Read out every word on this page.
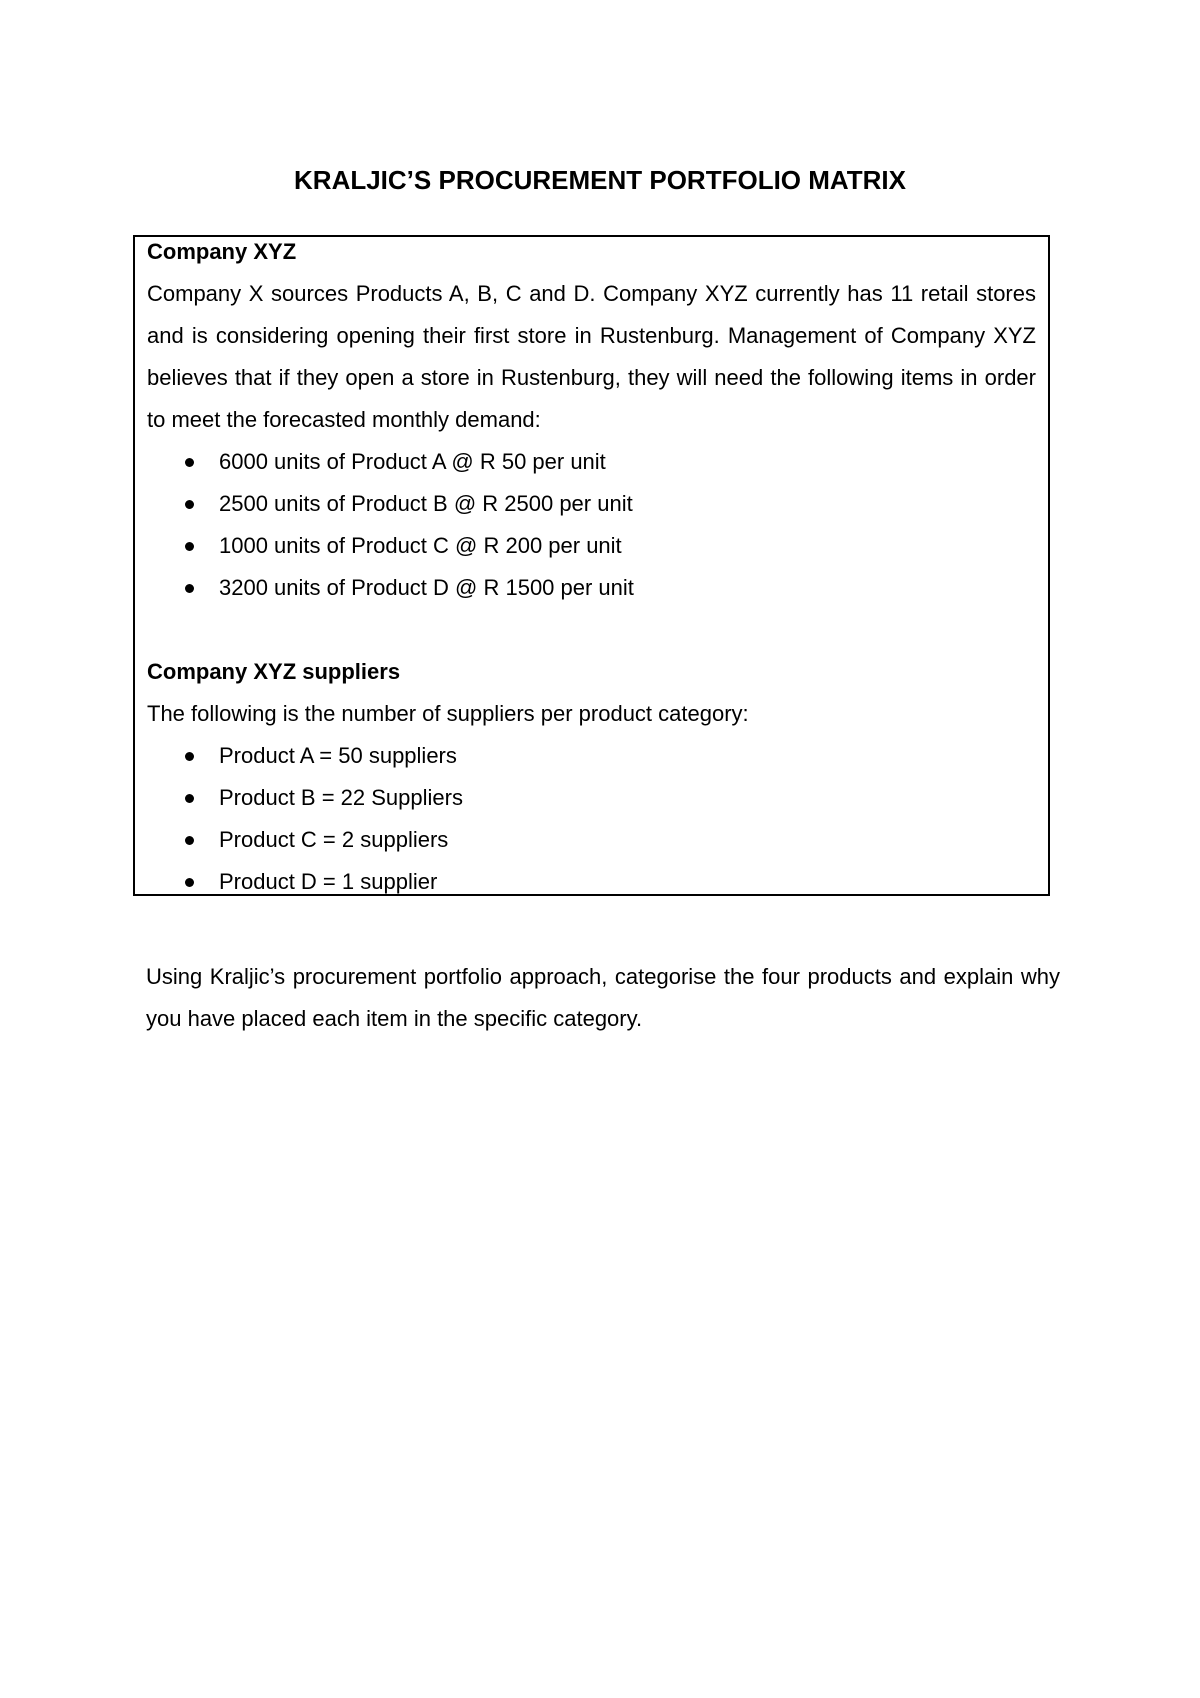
KRALJIC’S PROCUREMENT PORTFOLIO MATRIX

Company XYZ

Company X sources Products A, B, C and D. Company XYZ currently has 11 retail stores and is considering opening their first store in Rustenburg. Management of Company XYZ believes that if they open a store in Rustenburg, they will need the following items in order to meet the forecasted monthly demand:

6000 units of Product A @ R 50 per unit
2500 units of Product B @ R 2500 per unit
1000 units of Product C @ R 200 per unit
3200 units of Product D @ R 1500 per unit

Company XYZ suppliers

The following is the number of suppliers per product category:

Product A = 50 suppliers
Product B = 22 Suppliers
Product C = 2 suppliers
Product D = 1 supplier

Using Kraljic’s procurement portfolio approach, categorise the four products and explain why you have placed each item in the specific category.
